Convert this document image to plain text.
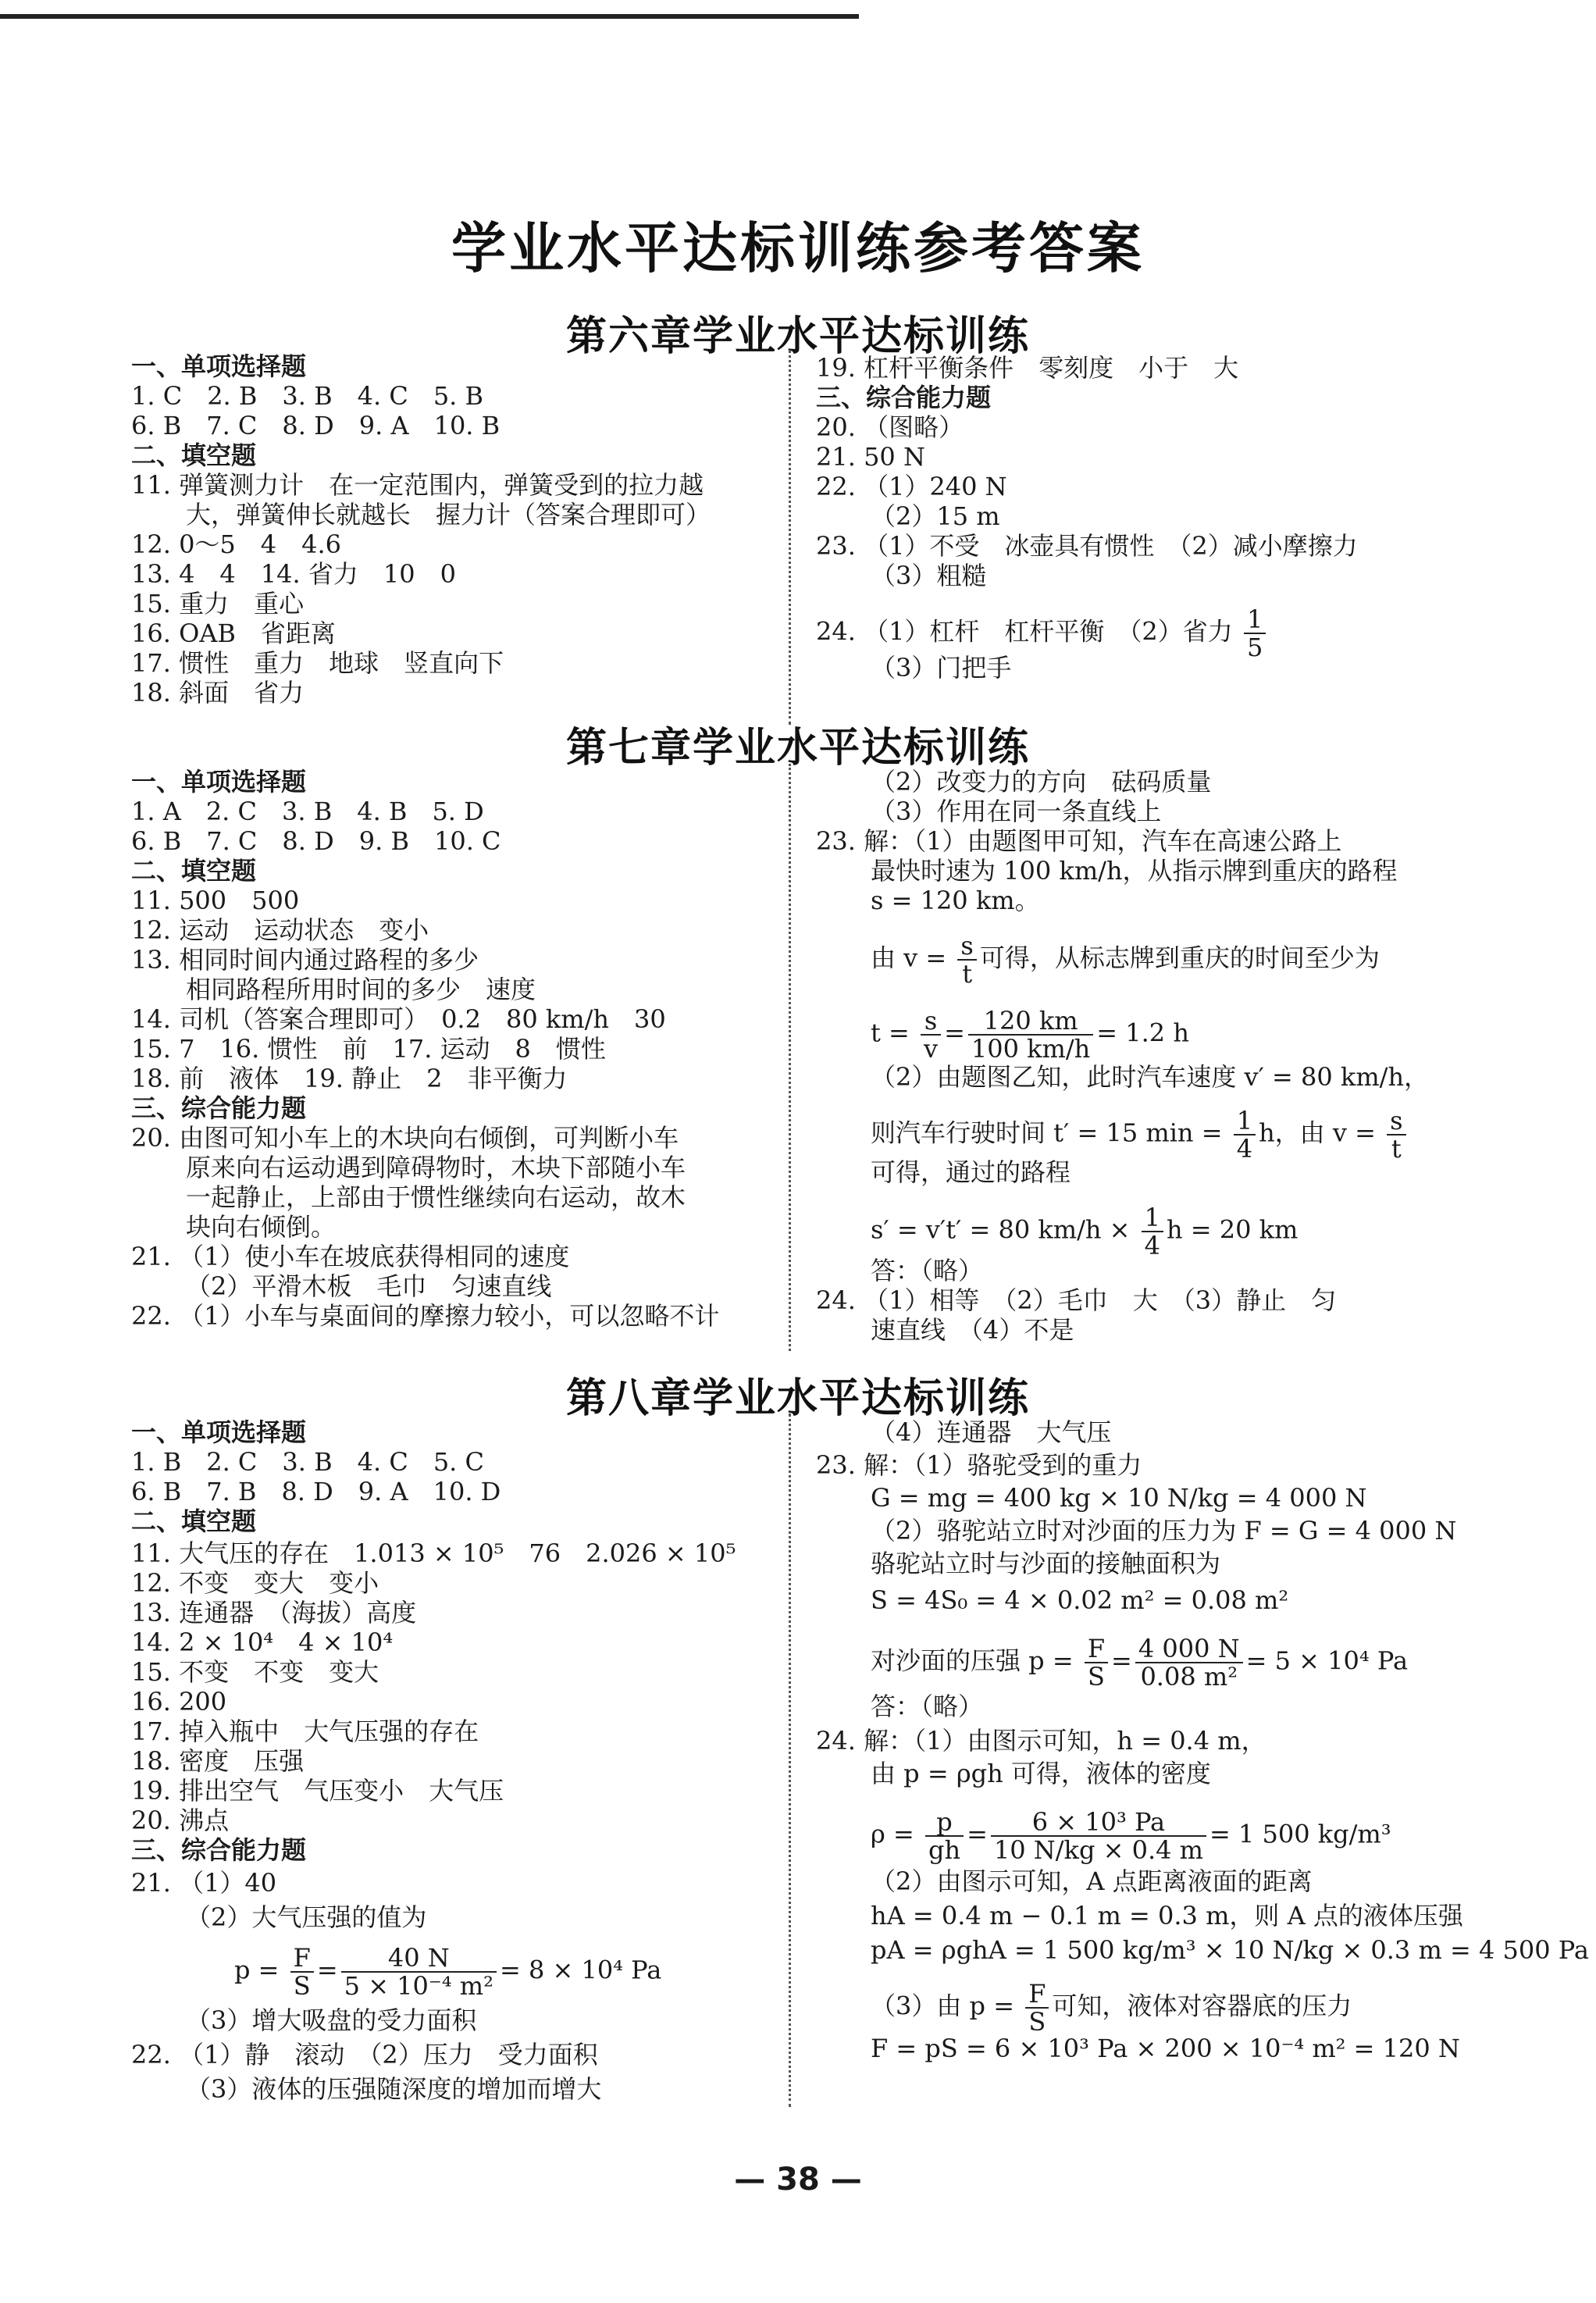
学业水平达标训练参考答案
第六章学业水平达标训练
一、单项选择题
1. C　2. B　3. B　4. C　5. B
6. B　7. C　8. D　9. A　10. B
二、填空题
11. 弹簧测力计　在一定范围内，弹簧受到的拉力越
大，弹簧伸长就越长　握力计（答案合理即可）
12. 0～5　4　4.6
13. 4　4　14. 省力　10　0
15. 重力　重心
16. OAB　省距离
17. 惯性　重力　地球　竖直向下
18. 斜面　省力
19. 杠杆平衡条件　零刻度　小于　大
三、综合能力题
20. （图略）
21. 50 N
22. （1）240 N
（2）15 m
23. （1）不受　冰壶具有惯性　（2）减小摩擦力
（3）粗糙
24. （1）杠杆　杠杆平衡　（2）省力 $\frac{1}{5}$
（3）门把手
第七章学业水平达标训练
一、单项选择题
1. A　2. C　3. B　4. B　5. D
6. B　7. C　8. D　9. B　10. C
二、填空题
11. 500　500
12. 运动　运动状态　变小
13. 相同时间内通过路程的多少
相同路程所用时间的多少　速度
14. 司机（答案合理即可）　0.2　80 km/h　30
15. 7　16. 惯性　前　17. 运动　8　惯性
18. 前　液体　19. 静止　2　非平衡力
三、综合能力题
20. 由图可知小车上的木块向右倾倒，可判断小车
原来向右运动遇到障碍物时，木块下部随小车
一起静止，上部由于惯性继续向右运动，故木
块向右倾倒。
21. （1）使小车在坡底获得相同的速度
（2）平滑木板　毛巾　匀速直线
22. （1）小车与桌面间的摩擦力较小，可以忽略不计
（2）改变力的方向　砝码质量
（3）作用在同一条直线上
23. 解：（1）由题图甲可知，汽车在高速公路上
最快时速为 100 km/h，从指示牌到重庆的路程
s = 120 km。
由 $v = \frac{s}{t}$ 可得，从标志牌到重庆的时间至少为
$t = \frac{s}{v} = \frac{120 km}{100 km/h} = 1.2$ h
（2）由题图乙知，此时汽车速度 v′ = 80 km/h，
则汽车行驶时间 t′ = 15 $\min = \frac{1}{4}$ h，由 $v = \frac{s}{t}$
可得，通过的路程
s′ = v′t′ = 80 $km/h \times \frac{1}{4}$ h = 20 km
答：（略）
24. （1）相等　（2）毛巾　大　（3）静止　匀
速直线　（4）不是
第八章学业水平达标训练
一、单项选择题
1. B　2. C　3. B　4. C　5. C
6. B　7. B　8. D　9. A　10. D
二、填空题
11. 大气压的存在　1.013 × 10⁵　76　2.026 × 10⁵
12. 不变　变大　变小
13. 连通器　（海拔）高度
14. 2 × 10⁴　4 × 10⁴
15. 不变　不变　变大
16. 200
17. 掉入瓶中　大气压强的存在
18. 密度　压强
19. 排出空气　气压变小　大气压
20. 沸点
三、综合能力题
21. （1）40
（2）大气压强的值为
$p = \frac{F}{S} = \frac{40 N}{\text{5 × 10⁻⁴ m²}} = 8 \times 10^4$ Pa
（3）增大吸盘的受力面积
22. （1）静　滚动　（2）压力　受力面积
（3）液体的压强随深度的增加而增大
（4）连通器　大气压
23. 解：（1）骆驼受到的重力
G = mg = 400 kg × 10 N/kg = 4 000 N
（2）骆驼站立时对沙面的压力为 F = G = 4 000 N
骆驼站立时与沙面的接触面积为
S = 4S₀ = 4 × 0.02 m² = 0.08 m²
对沙面的压强 $p = \frac{F}{S} = \frac{4 000 N}{\text{0.08 m²}} = 5 \times 10^4$ Pa
答：（略）
24. 解：（1）由图示可知，h = 0.4 m，
由 p = ρgh 可得，液体的密度
$\rho = \frac{p}{gh} = \frac{\text{6 × 10³ Pa}}{10 N/kg \times 0.4 m} = 1$ 500 kg/m³
（2）由图示可知，A 点距离液面的距离
hA = 0.4 m − 0.1 m = 0.3 m，则 A 点的液体压强
pA = ρghA = 1 500 kg/m³ × 10 N/kg × 0.3 m = 4 500 Pa
（3）由 $p = \frac{F}{S}$ 可知，液体对容器底的压力
F = pS = 6 × 10³ Pa × 200 × 10⁻⁴ m² = 120 N
— 38 —
